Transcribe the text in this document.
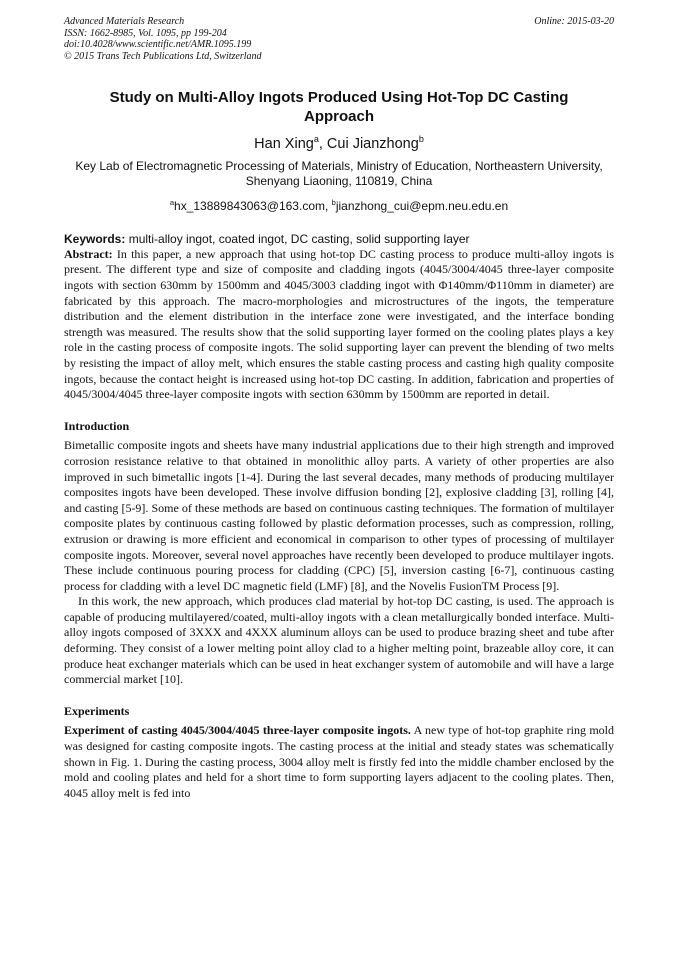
Advanced Materials Research
ISSN: 1662-8985, Vol. 1095, pp 199-204
doi:10.4028/www.scientific.net/AMR.1095.199
© 2015 Trans Tech Publications Ltd, Switzerland
Online: 2015-03-20
Study on Multi-Alloy Ingots Produced Using Hot-Top DC Casting Approach
Han Xing$^a$, Cui Jianzhong$^b$
Key Lab of Electromagnetic Processing of Materials, Ministry of Education, Northeastern University,
Shenyang Liaoning, 110819, China
$^a$hx_13889843063@163.com, $^b$jianzhong_cui@epm.neu.edu.en
Keywords: multi-alloy ingot, coated ingot, DC casting, solid supporting layer

Abstract: In this paper, a new approach that using hot-top DC casting process to produce multi-alloy ingots is present. The different type and size of composite and cladding ingots (4045/3004/4045 three-layer composite ingots with section 630mm by 1500mm and 4045/3003 cladding ingot with Φ140mm/Φ110mm in diameter) are fabricated by this approach. The macro-morphologies and microstructures of the ingots, the temperature distribution and the element distribution in the interface zone were investigated, and the interface bonding strength was measured. The results show that the solid supporting layer formed on the cooling plates plays a key role in the casting process of composite ingots. The solid supporting layer can prevent the blending of two melts by resisting the impact of alloy melt, which ensures the stable casting process and casting high quality composite ingots, because the contact height is increased using hot-top DC casting. In addition, fabrication and properties of 4045/3004/4045 three-layer composite ingots with section 630mm by 1500mm are reported in detail.

Introduction

Bimetallic composite ingots and sheets have many industrial applications due to their high strength and improved corrosion resistance relative to that obtained in monolithic alloy parts. A variety of other properties are also improved in such bimetallic ingots [1-4]. During the last several decades, many methods of producing multilayer composites ingots have been developed. These involve diffusion bonding [2], explosive cladding [3], rolling [4], and casting [5-9]. Some of these methods are based on continuous casting techniques. The formation of multilayer composite plates by continuous casting followed by plastic deformation processes, such as compression, rolling, extrusion or drawing is more efficient and economical in comparison to other types of processing of multilayer composite ingots. Moreover, several novel approaches have recently been developed to produce multilayer ingots. These include continuous pouring process for cladding (CPC) [5], inversion casting [6-7], continuous casting process for cladding with a level DC magnetic field (LMF) [8], and the Novelis FusionTM Process [9].

In this work, the new approach, which produces clad material by hot-top DC casting, is used. The approach is capable of producing multilayered/coated, multi-alloy ingots with a clean metallurgically bonded interface. Multi-alloy ingots composed of 3XXX and 4XXX aluminum alloys can be used to produce brazing sheet and tube after deforming. They consist of a lower melting point alloy clad to a higher melting point, brazeable alloy core, it can produce heat exchanger materials which can be used in heat exchanger system of automobile and will have a large commercial market [10].

Experiments

Experiment of casting 4045/3004/4045 three-layer composite ingots. A new type of hot-top graphite ring mold was designed for casting composite ingots. The casting process at the initial and steady states was schematically shown in Fig. 1. During the casting process, 3004 alloy melt is firstly fed into the middle chamber enclosed by the mold and cooling plates and held for a short time to form supporting layers adjacent to the cooling plates. Then, 4045 alloy melt is fed into
